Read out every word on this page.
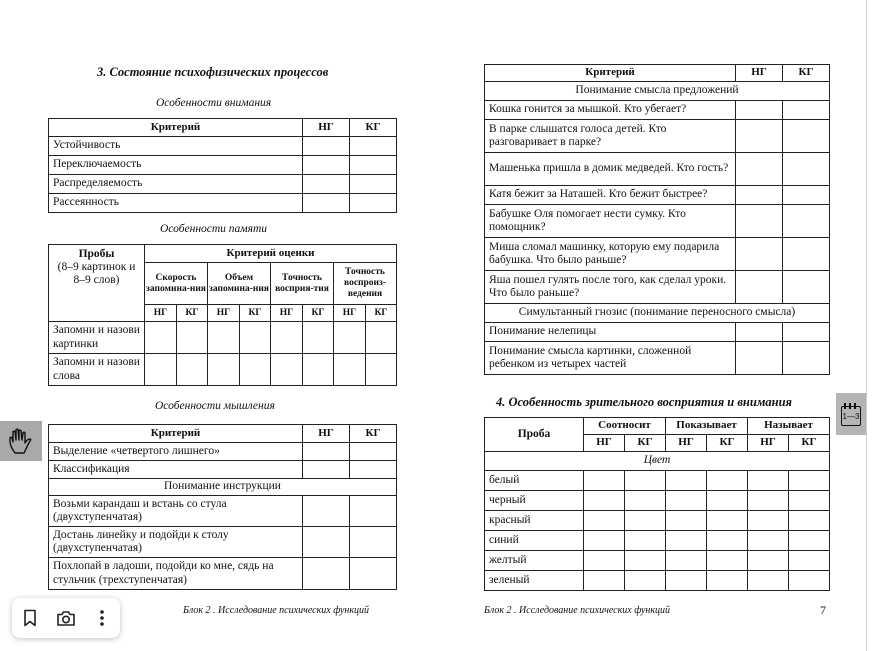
3. Состояние психофизических процессов
Особенности внимания
Критерий	НГ	КГ
Устойчивость		
Переключаемость		
Распределяемость		
Рассеянность		
Особенности памяти
Пробы
(8–9 картинок и 8–9 слов)	Критерий оценки							
	Скорость запомина-ния		Объем запомина-ния		Точность восприя-тия		Точность воспроиз-ведения	
	НГ	КГ	НГ	КГ	НГ	КГ	НГ	КГ
Запомни и назови картинки								
Запомни и назови слова								
Особенности мышления
Критерий	НГ	КГ
Выделение «четвертого лишнего»		
Классификация		
Понимание инструкции		
Возьми карандаш и встань со стула (двухступенчатая)		
Достань линейку и подойди к столу (двухступенчатая)		
Похлопай в ладоши, подойди ко мне, сядь на стульчик (трехступенчатая)		
Блок 2 . Исследование психических функций
Критерий	НГ	КГ
Понимание смысла предложений		
Кошка гонится за мышкой. Кто убегает?		
В парке слышатся голоса детей. Кто разговаривает в парке?		
Машенька пришла в домик медведей. Кто гость?		
Катя бежит за Наташей. Кто бежит быстрее?		
Бабушке Оля помогает нести сумку. Кто помощник?		
Миша сломал машинку, которую ему подарила бабушка. Что было раньше?		
Яша пошел гулять после того, как сделал уроки. Что было раньше?		
Симультанный гнозис (понимание переносного смысла)		
Понимание нелепицы		
Понимание смысла картинки, сложенной ребенком из четырех частей		
4. Особенность зрительного восприятия и внимания
Проба	Соотносит		Показывает		Называет	
	НГ	КГ	НГ	КГ	НГ	КГ
Цвет						
белый						
черный						
красный						
синий						
желтый						
зеленый						
Блок 2 . Исследование психических функций	7
1—3
